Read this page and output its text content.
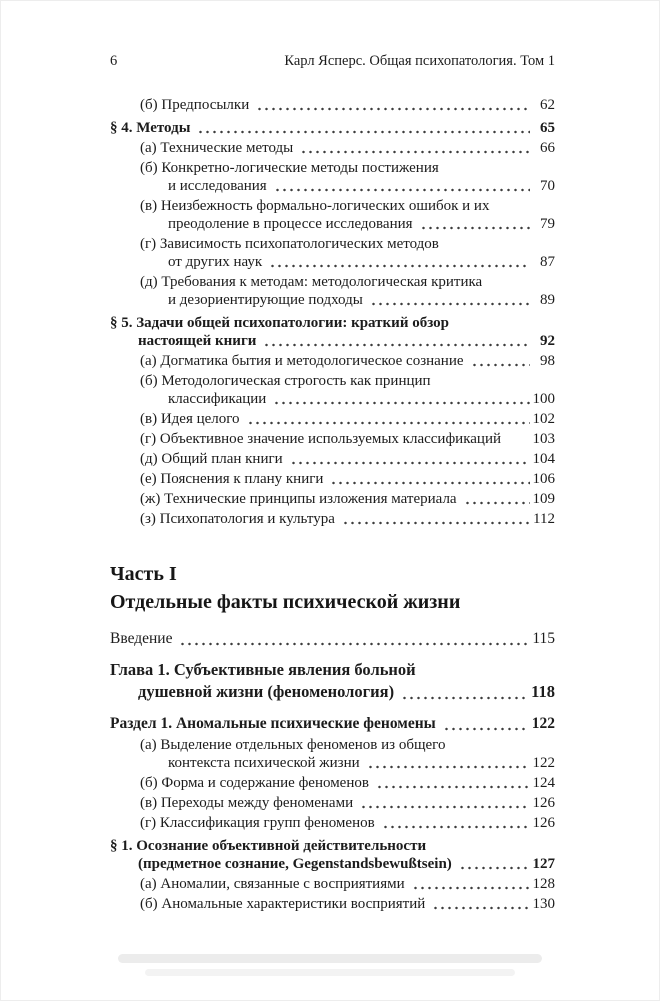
6	Карл Ясперс. Общая психопатология. Том 1
(б) Предпосылки	62
§ 4. Методы	65
(а) Технические методы	66
(б) Конкретно-логические методы постижения
и исследования	70
(в) Неизбежность формально-логических ошибок и их
преодоление в процессе исследования	79
(г) Зависимость психопатологических методов
от других наук	87
(д) Требования к методам: методологическая критика
и дезориентирующие подходы	89
§ 5. Задачи общей психопатологии: краткий обзор
настоящей книги	92
(а) Догматика бытия и методологическое сознание	98
(б) Методологическая строгость как принцип
классификации	100
(в) Идея целого	102
(г) Объективное значение используемых классификаций 103
(д) Общий план книги	104
(е) Пояснения к плану книги	106
(ж) Технические принципы изложения материала	109
(з) Психопатология и культура	112
Часть I
Отдельные факты психической жизни
Введение	115
Глава 1. Субъективные явления больной
душевной жизни (феноменология)	118
Раздел 1. Аномальные психические феномены	122
(а) Выделение отдельных феноменов из общего
контекста психической жизни	122
(б) Форма и содержание феноменов	124
(в) Переходы между феноменами	126
(г) Классификация групп феноменов	126
§ 1. Осознание объективной действительности
(предметное сознание, Gegenstandsbewußtsein)	127
(а) Аномалии, связанные с восприятиями	128
(б) Аномальные характеристики восприятий	130
